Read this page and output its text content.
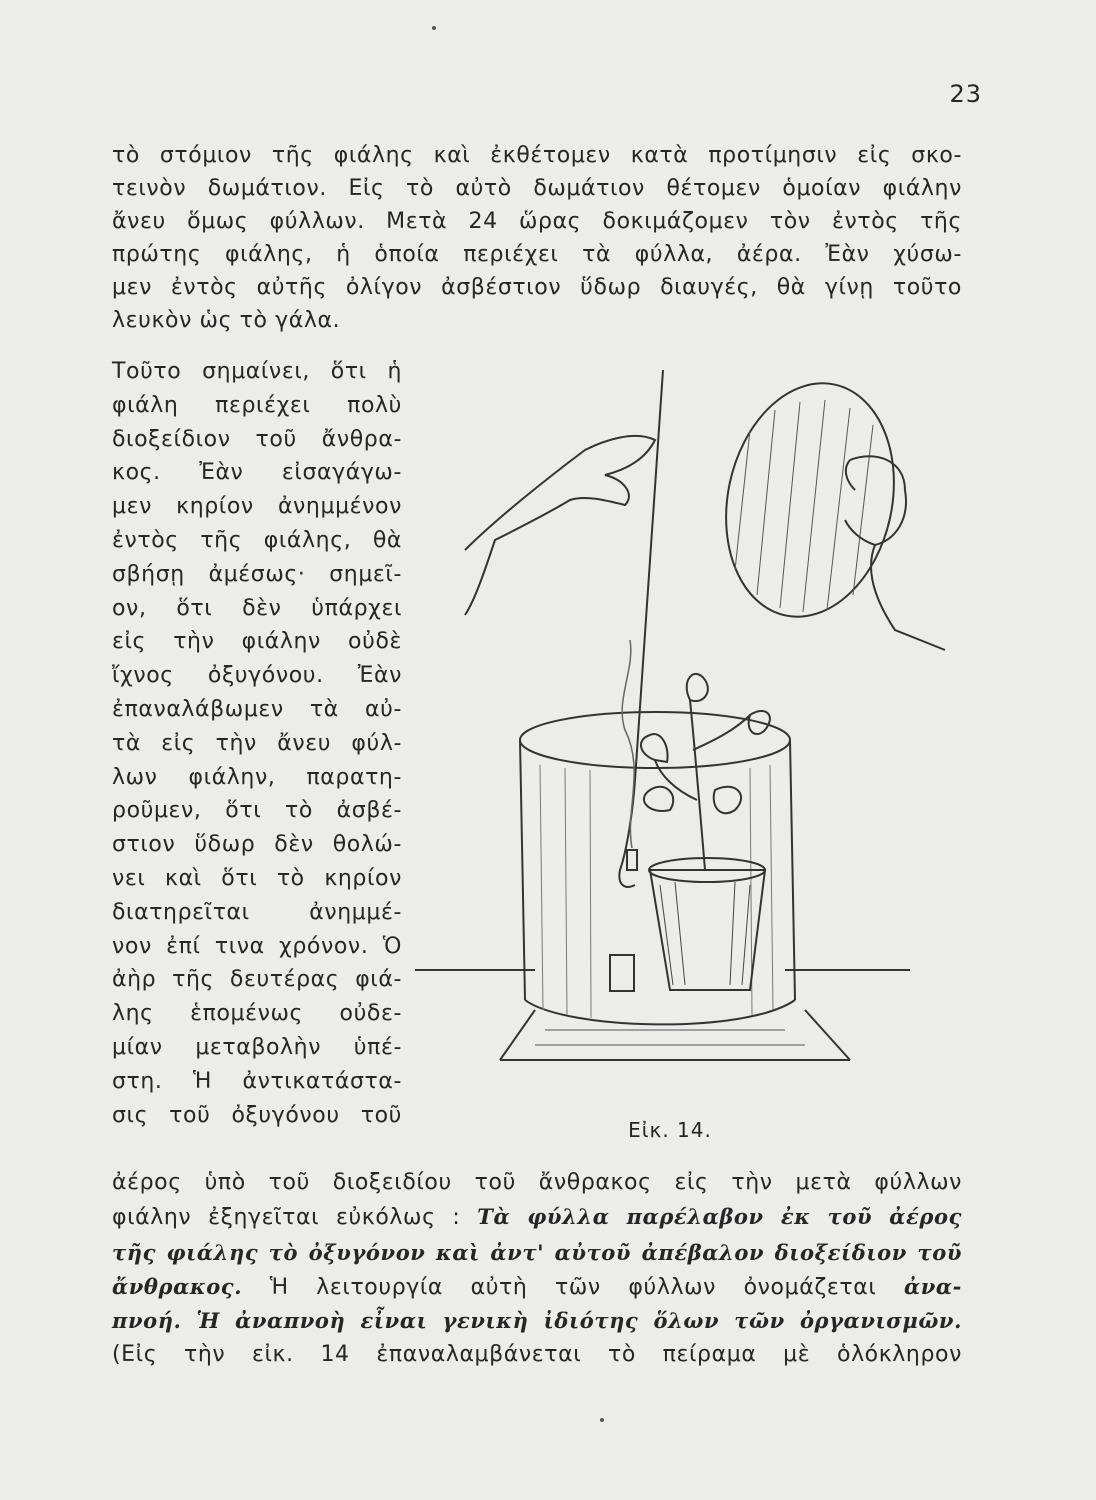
23
τὸ στόμιον τῆς φιάλης καὶ ἐκθέτομεν κατὰ προτίμησιν εἰς σκο-
τεινὸν δωμάτιον. Εἰς τὸ αὐτὸ δωμάτιον θέτομεν ὁμοίαν φιάλην
ἄνευ ὅμως φύλλων. Μετὰ 24 ὥρας δοκιμάζομεν τὸν ἐντὸς τῆς
πρώτης φιάλης, ἡ ὁποία περιέχει τὰ φύλλα, ἀέρα. Ἐὰν χύσω-
μεν ἐντὸς αὐτῆς ὀλίγον ἀσβέστιον ὕδωρ διαυγές, θὰ γίνῃ τοῦτο
λευκὸν ὡς τὸ γάλα.
Τοῦτο σημαίνει, ὅτι ἡ
φιάλη περιέχει πολὺ
διοξείδιον τοῦ ἄνθρα-
κος. Ἐὰν εἰσαγάγω-
μεν κηρίον ἀνημμένον
ἐντὸς τῆς φιάλης, θὰ
σβήσῃ ἀμέσως· σημεῖ-
ον, ὅτι δὲν ὑπάρχει
εἰς τὴν φιάλην οὐδὲ
ἴχνος ὀξυγόνου. Ἐὰν
ἐπαναλάβωμεν τὰ αὐ-
τὰ εἰς τὴν ἄνευ φύλ-
λων φιάλην, παρατη-
ροῦμεν, ὅτι τὸ ἀσβέ-
στιον ὕδωρ δὲν θολώ-
νει καὶ ὅτι τὸ κηρίον
διατηρεῖται ἀνημμέ-
νον ἐπί τινα χρόνον. Ὁ
ἀὴρ τῆς δευτέρας φιά-
λης ἑπομένως οὐδε-
μίαν μεταβολὴν ὑπέ-
στη. Ἡ ἀντικατάστα-
σις τοῦ ὀξυγόνου τοῦ
ἀέρος ὑπὸ τοῦ διοξειδίου τοῦ ἄνθρακος εἰς τὴν μετὰ φύλλων
φιάλην ἐξηγεῖται εὐκόλως : Τὰ φύλλα παρέλαβον ἐκ τοῦ ἀέρος
τῆς φιάλης τὸ ὀξυγόνον καὶ ἀντ' αὐτοῦ ἀπέβαλον διοξείδιον τοῦ
ἄνθρακος. Ἡ λειτουργία αὐτὴ τῶν φύλλων ὀνομάζεται ἀνα-
πνοή. Ἡ ἀναπνοὴ εἶναι γενικὴ ἰδιότης ὅλων τῶν ὀργανισμῶν.
(Εἰς τὴν εἰκ. 14 ἐπαναλαμβάνεται τὸ πείραμα μὲ ὁλόκληρον
Εἰκ. 14.
